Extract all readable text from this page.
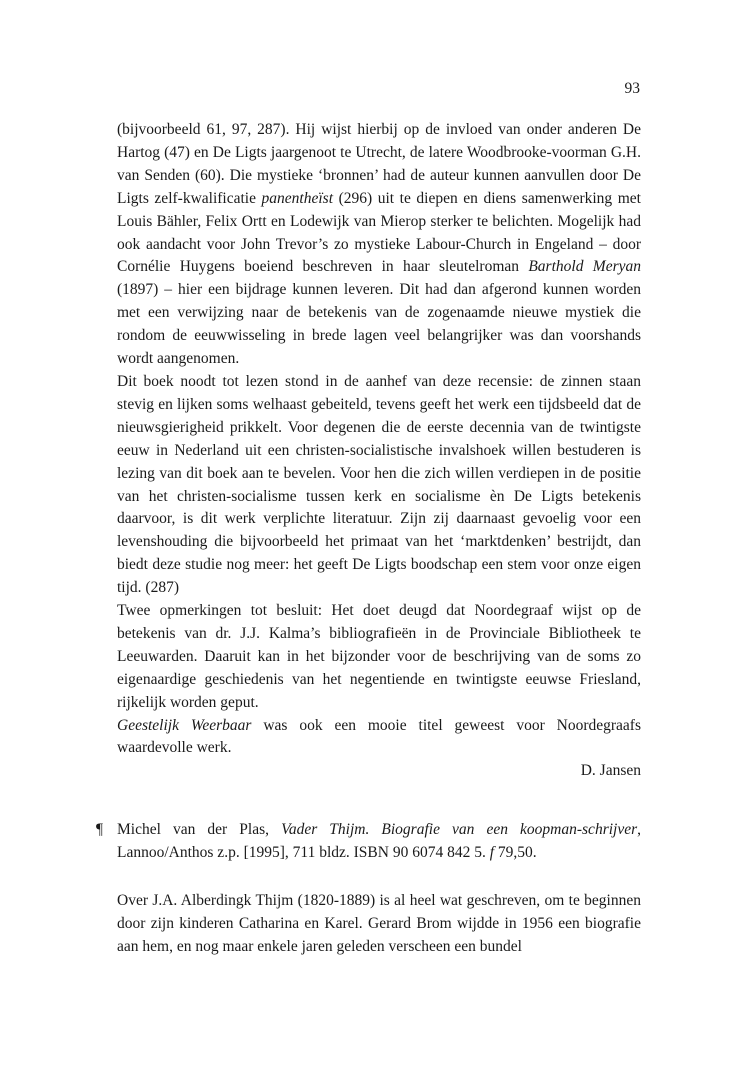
93

(bijvoorbeeld 61, 97, 287). Hij wijst hierbij op de invloed van onder anderen De Hartog (47) en De Ligts jaargenoot te Utrecht, de latere Woodbrooke-voorman G.H. van Senden (60). Die mystieke ‘bronnen’ had de auteur kunnen aanvullen door De Ligts zelf-kwalificatie panentheïst (296) uit te diepen en diens samenwerking met Louis Bähler, Felix Ortt en Lodewijk van Mierop sterker te belichten. Mogelijk had ook aandacht voor John Trevor’s zo mystieke Labour-Church in Engeland – door Cornélie Huygens boeiend beschreven in haar sleutelroman Barthold Meryan (1897) – hier een bijdrage kunnen leveren. Dit had dan afgerond kunnen worden met een verwijzing naar de betekenis van de zogenaamde nieuwe mystiek die rondom de eeuwwisseling in brede lagen veel belangrijker was dan voorshands wordt aangenomen.

Dit boek noodt tot lezen stond in de aanhef van deze recensie: de zinnen staan stevig en lijken soms welhaast gebeiteld, tevens geeft het werk een tijdsbeeld dat de nieuwsgierigheid prikkelt. Voor degenen die de eerste decennia van de twintigste eeuw in Nederland uit een christen-socialistische invalshoek willen bestuderen is lezing van dit boek aan te bevelen. Voor hen die zich willen verdiepen in de positie van het christen-socialisme tussen kerk en socialisme èn De Ligts betekenis daarvoor, is dit werk verplichte literatuur. Zijn zij daarnaast gevoelig voor een levenshouding die bijvoorbeeld het primaat van het ‘marktdenken’ bestrijdt, dan biedt deze studie nog meer: het geeft De Ligts boodschap een stem voor onze eigen tijd. (287)

Twee opmerkingen tot besluit: Het doet deugd dat Noordegraaf wijst op de betekenis van dr. J.J. Kalma’s bibliografieën in de Provinciale Bibliotheek te Leeuwarden. Daaruit kan in het bijzonder voor de beschrijving van de soms zo eigenaardige geschiedenis van het negentiende en twintigste eeuwse Friesland, rijkelijk worden geput.

Geestelijk Weerbaar was ook een mooie titel geweest voor Noordegraafs waardevolle werk.

D. Jansen

¶ Michel van der Plas, Vader Thijm. Biografie van een koopman-schrijver, Lannoo/Anthos z.p. [1995], 711 bldz. ISBN 90 6074 842 5. f 79,50.

Over J.A. Alberdingk Thijm (1820-1889) is al heel wat geschreven, om te beginnen door zijn kinderen Catharina en Karel. Gerard Brom wijdde in 1956 een biografie aan hem, en nog maar enkele jaren geleden verscheen een bundel
